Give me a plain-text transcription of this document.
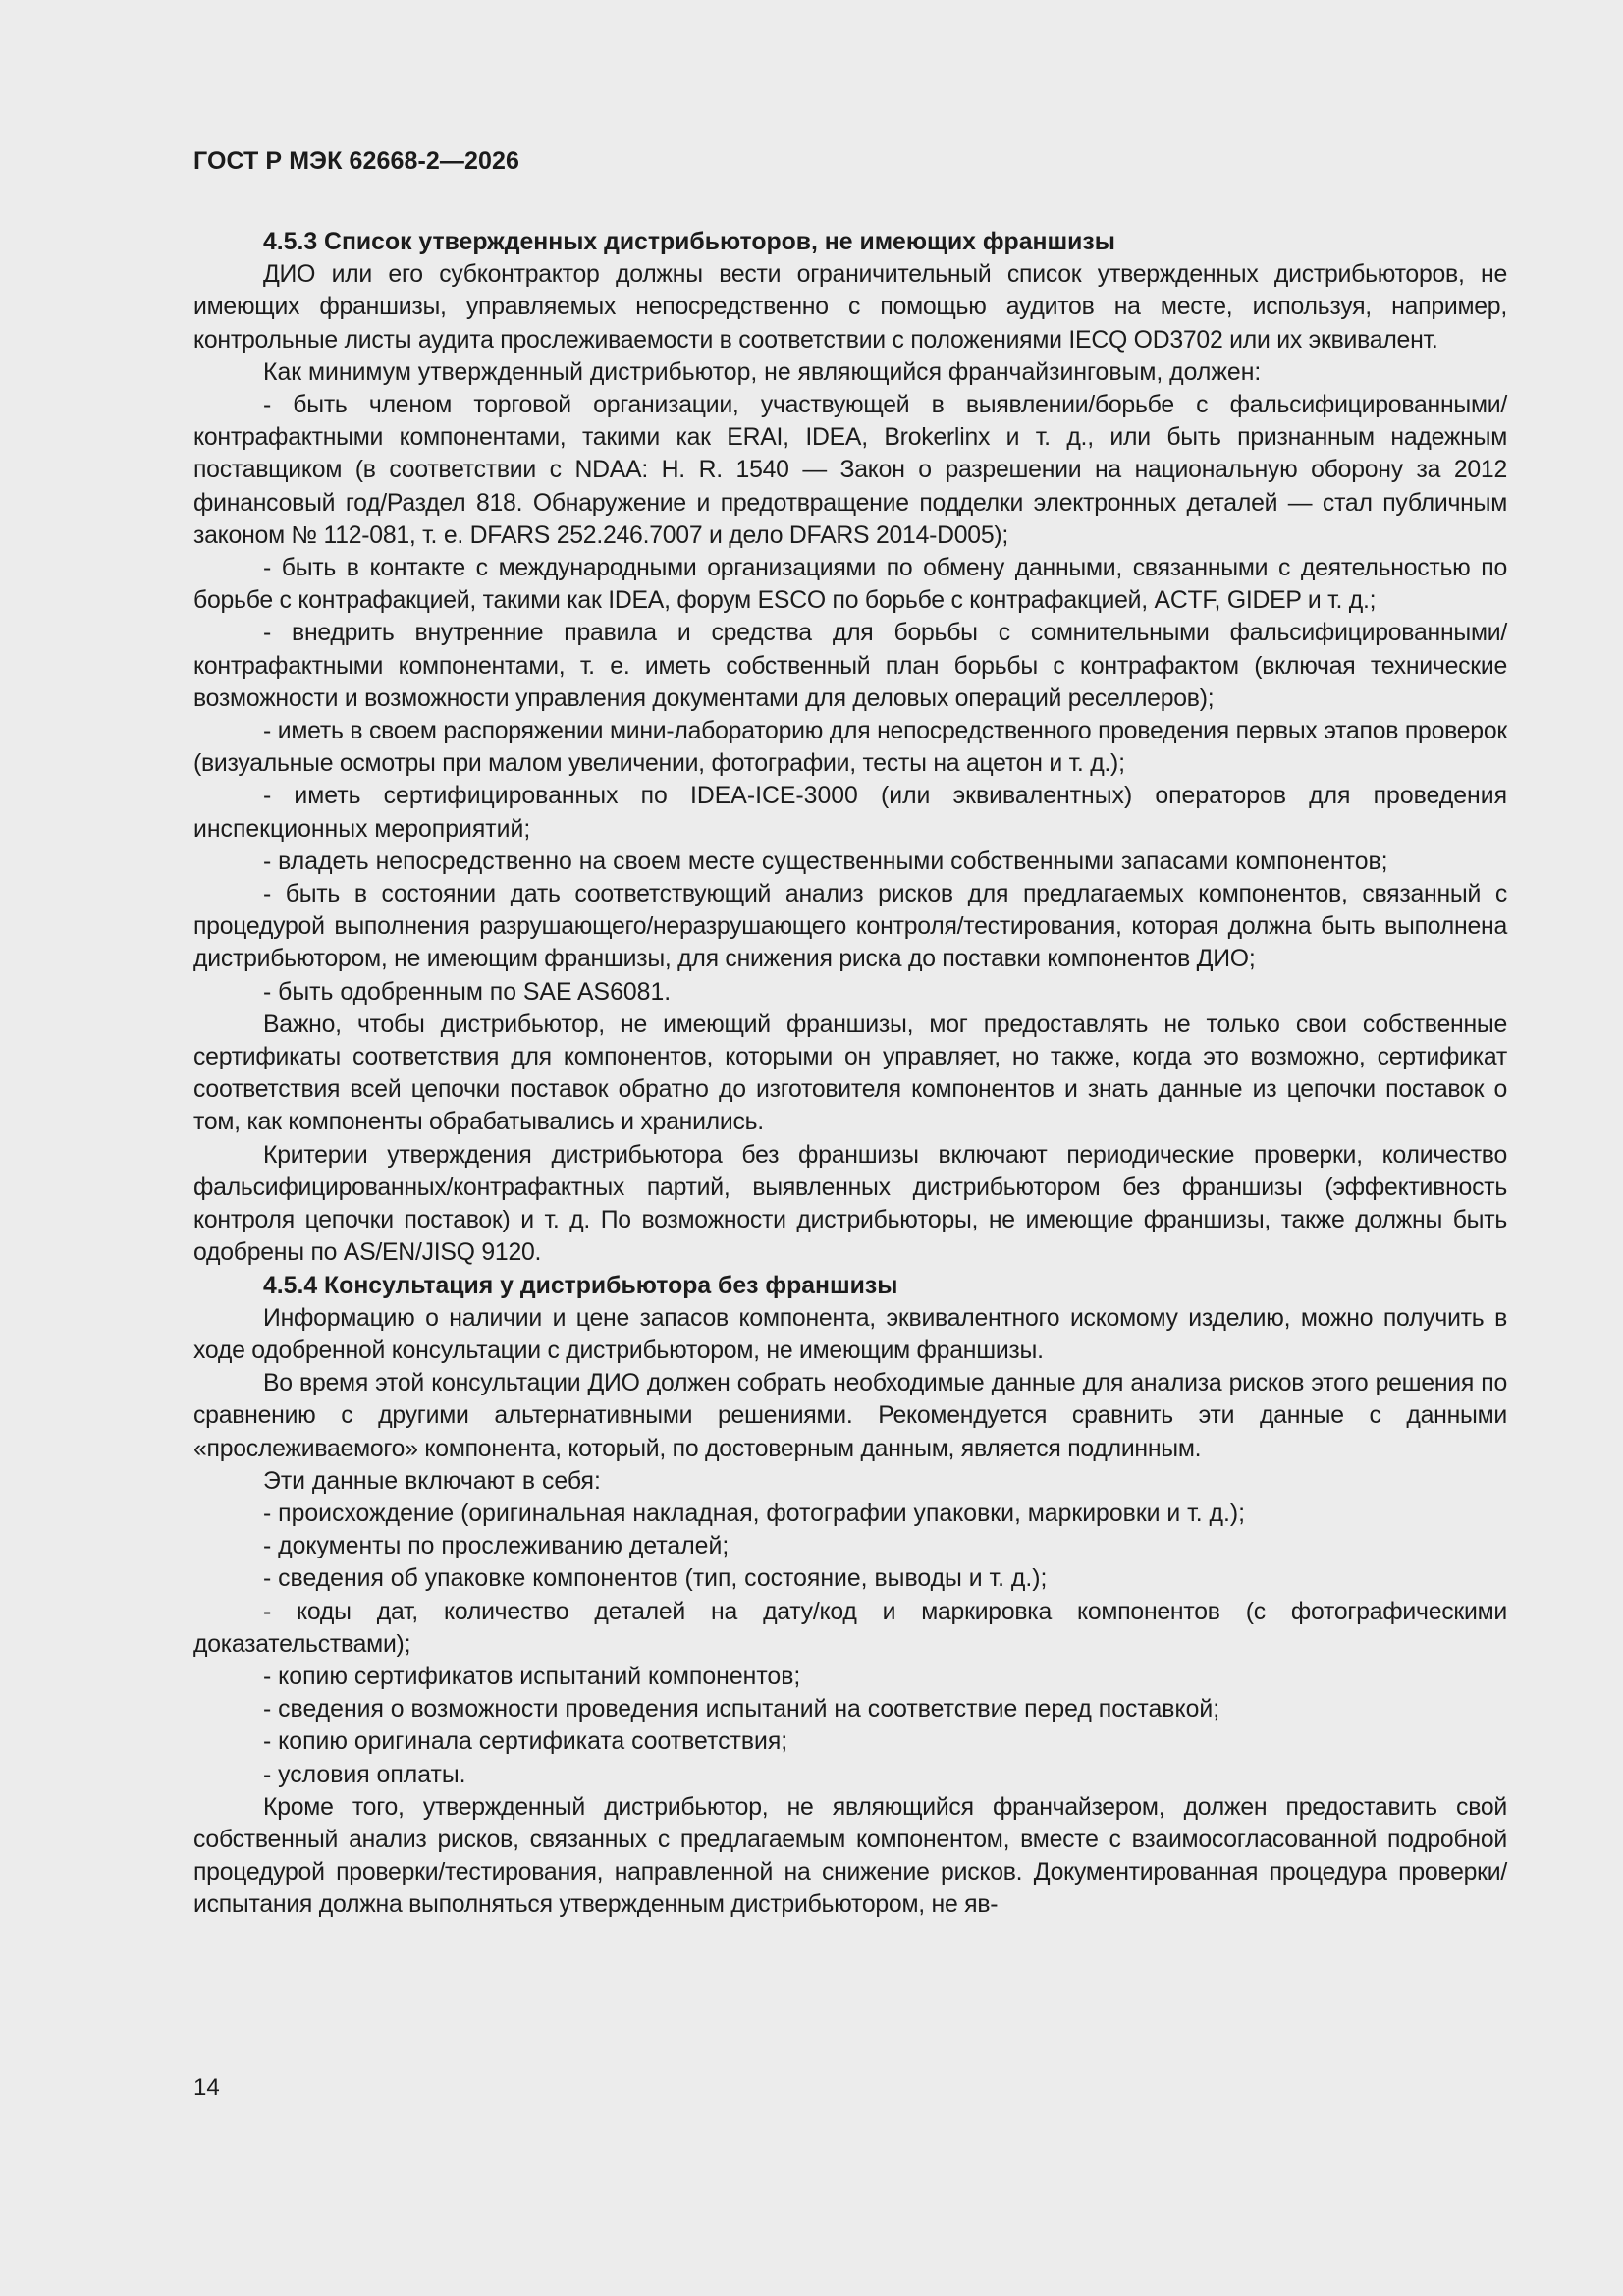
ГОСТ Р МЭК 62668-2—2026

4.5.3 Список утвержденных дистрибьюторов, не имеющих франшизы

ДИО или его субконтрактор должны вести ограничительный список утвержденных дистрибьюторов, не имеющих франшизы, управляемых непосредственно с помощью аудитов на месте, используя, например, контрольные листы аудита прослеживаемости в соответствии с положениями IECQ OD3702 или их эквивалент.

Как минимум утвержденный дистрибьютор, не являющийся франчайзинговым, должен:

- быть членом торговой организации, участвующей в выявлении/борьбе с фальсифицированными/контрафактными компонентами, такими как ERAI, IDEA, Brokerlinx и т. д., или быть признанным надежным поставщиком (в соответствии с NDAA: H. R. 1540 — Закон о разрешении на национальную оборону за 2012 финансовый год/Раздел 818. Обнаружение и предотвращение подделки электронных деталей — стал публичным законом № 112-081, т. е. DFARS 252.246.7007 и дело DFARS 2014-D005);

- быть в контакте с международными организациями по обмену данными, связанными с деятельностью по борьбе с контрафакцией, такими как IDEA, форум ESCO по борьбе с контрафакцией, ACTF, GIDEP и т. д.;

- внедрить внутренние правила и средства для борьбы с сомнительными фальсифицированными/контрафактными компонентами, т. е. иметь собственный план борьбы с контрафактом (включая технические возможности и возможности управления документами для деловых операций реселлеров);

- иметь в своем распоряжении мини-лабораторию для непосредственного проведения первых этапов проверок (визуальные осмотры при малом увеличении, фотографии, тесты на ацетон и т. д.);

- иметь сертифицированных по IDEA-ICE-3000 (или эквивалентных) операторов для проведения инспекционных мероприятий;

- владеть непосредственно на своем месте существенными собственными запасами компонентов;

- быть в состоянии дать соответствующий анализ рисков для предлагаемых компонентов, связанный с процедурой выполнения разрушающего/неразрушающего контроля/тестирования, которая должна быть выполнена дистрибьютором, не имеющим франшизы, для снижения риска до поставки компонентов ДИО;

- быть одобренным по SAE AS6081.

Важно, чтобы дистрибьютор, не имеющий франшизы, мог предоставлять не только свои собственные сертификаты соответствия для компонентов, которыми он управляет, но также, когда это возможно, сертификат соответствия всей цепочки поставок обратно до изготовителя компонентов и знать данные из цепочки поставок о том, как компоненты обрабатывались и хранились.

Критерии утверждения дистрибьютора без франшизы включают периодические проверки, количество фальсифицированных/контрафактных партий, выявленных дистрибьютором без франшизы (эффективность контроля цепочки поставок) и т. д. По возможности дистрибьюторы, не имеющие франшизы, также должны быть одобрены по AS/EN/JISQ 9120.

4.5.4 Консультация у дистрибьютора без франшизы

Информацию о наличии и цене запасов компонента, эквивалентного искомому изделию, можно получить в ходе одобренной консультации с дистрибьютором, не имеющим франшизы.

Во время этой консультации ДИО должен собрать необходимые данные для анализа рисков этого решения по сравнению с другими альтернативными решениями. Рекомендуется сравнить эти данные с данными «прослеживаемого» компонента, который, по достоверным данным, является подлинным.

Эти данные включают в себя:

- происхождение (оригинальная накладная, фотографии упаковки, маркировки и т. д.);

- документы по прослеживанию деталей;

- сведения об упаковке компонентов (тип, состояние, выводы и т. д.);

- коды дат, количество деталей на дату/код и маркировка компонентов (с фотографическими доказательствами);

- копию сертификатов испытаний компонентов;

- сведения о возможности проведения испытаний на соответствие перед поставкой;

- копию оригинала сертификата соответствия;

- условия оплаты.

Кроме того, утвержденный дистрибьютор, не являющийся франчайзером, должен предоставить свой собственный анализ рисков, связанных с предлагаемым компонентом, вместе с взаимосогласованной подробной процедурой проверки/тестирования, направленной на снижение рисков. Документированная процедура проверки/испытания должна выполняться утвержденным дистрибьютором, не яв-

14
